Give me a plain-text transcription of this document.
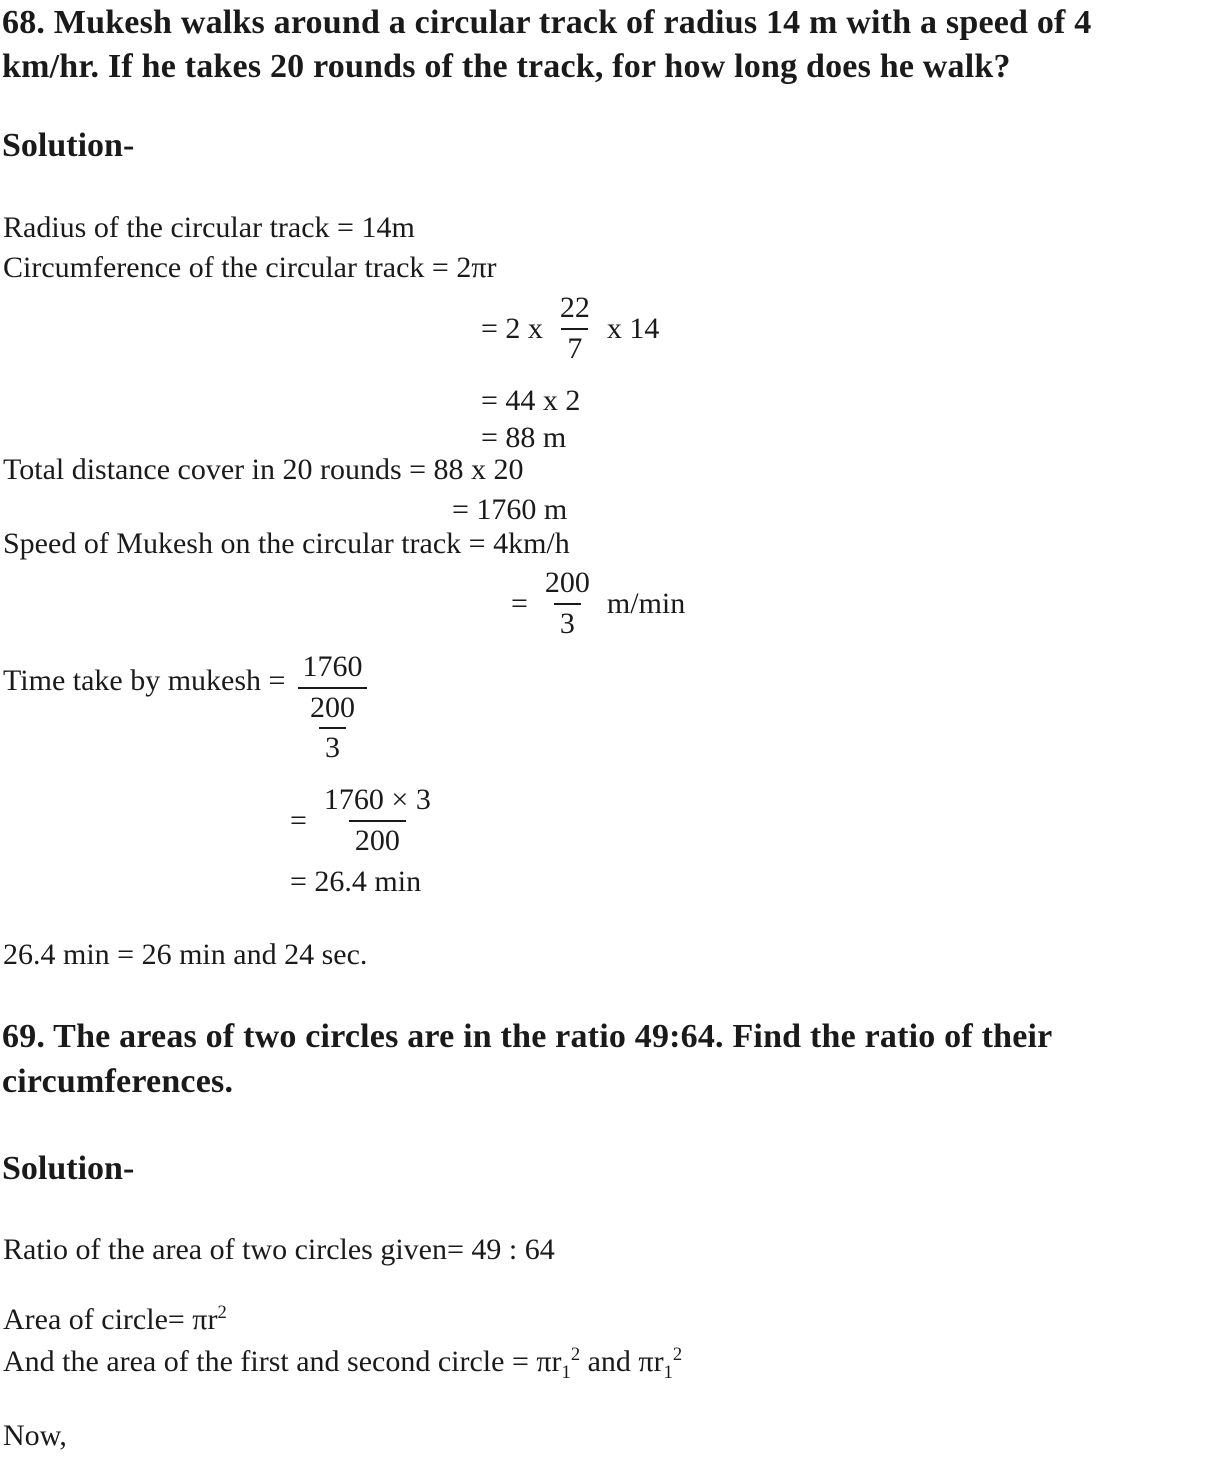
68. Mukesh walks around a circular track of radius 14 m with a speed of 4
km/hr. If he takes 20 rounds of the track, for how long does he walk?
Solution-
Radius of the circular track = 14m
Circumference of the circular track = 2πr
= 2 x $\frac{22}{7}$ x 14
= 44 x 2
= 88 m
Total distance cover in 20 rounds = 88 x 20
= 1760 m
Speed of Mukesh on the circular track = 4km/h
= $\frac{200}{3} m/\min$
Time take by mukesh = $\frac{1760}{\frac{200}{3}}$
= $\frac{1760 \times 3}{200}$
= 26.4 min
26.4 min = 26 min and 24 sec.
69. The areas of two circles are in the ratio 49:64. Find the ratio of their
circumferences.
Solution-
Ratio of the area of two circles given= 49 : 64
Area of circle= $\pi r^2$
And the area of the first and second circle = $\pi r_1^2$ and $\pi r_1^2$
Now,
